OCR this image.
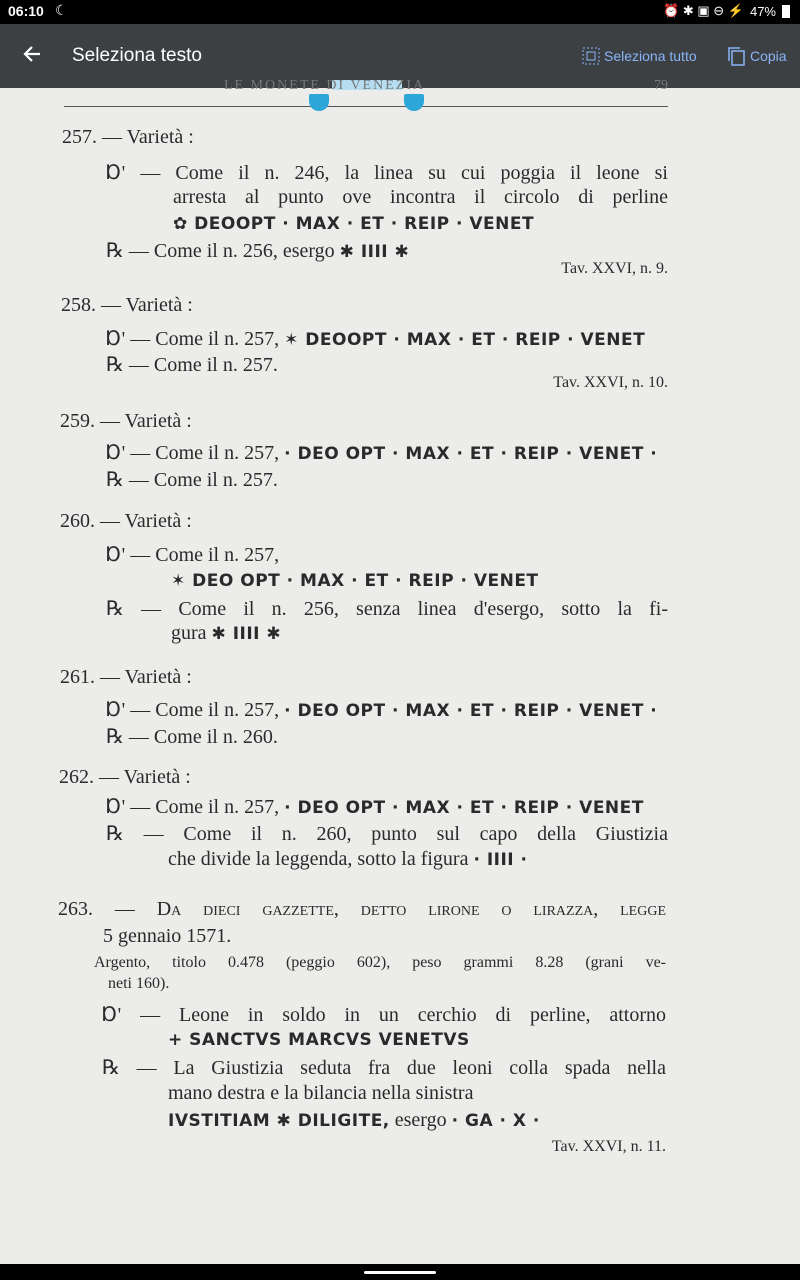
06:10 ☾	⏰ ✱ ▣ ⊖ ⚡ 47%
Seleziona testo	Seleziona tutto	Copia
LE MONETE DI VENEZIA	79
257. — Varietà :
Ɒ' — Come il n. 246, la linea su cui poggia il leone si
arresta al punto ove incontra il circolo di perline
✿ DEOOPT · MAX · ET · REIP · VENET
℞ — Come il n. 256, esergo ✱ IIII ✱
Tav. XXVI, n. 9.
258. — Varietà :
Ɒ' — Come il n. 257, ✶ DEOOPT · MAX · ET · REIP · VENET
℞ — Come il n. 257.
Tav. XXVI, n. 10.
259. — Varietà :
Ɒ' — Come il n. 257, · DEO OPT · MAX · ET · REIP · VENET ·
℞ — Come il n. 257.
260. — Varietà :
Ɒ' — Come il n. 257,
✶ DEO OPT · MAX · ET · REIP · VENET
℞ — Come il n. 256, senza linea d'esergo, sotto la fi-
gura ✱ IIII ✱
261. — Varietà :
Ɒ' — Come il n. 257, · DEO OPT · MAX · ET · REIP · VENET ·
℞ — Come il n. 260.
262. — Varietà :
Ɒ' — Come il n. 257, · DEO OPT · MAX · ET · REIP · VENET
℞ — Come il n. 260, punto sul capo della Giustizia
che divide la leggenda, sotto la figura · IIII ·
263. — Da dieci gazzette, detto lirone o lirazza, legge
5 gennaio 1571.
Argento, titolo 0.478 (peggio 602), peso grammi 8.28 (grani ve-
neti 160).
Ɒ' — Leone in soldo in un cerchio di perline, attorno
+ SANCTVS MARCVS VENETVS
℞ — La Giustizia seduta fra due leoni colla spada nella
mano destra e la bilancia nella sinistra
IVSTITIAM ✱ DILIGITE, esergo · GA · X ·
Tav. XXVI, n. 11.
